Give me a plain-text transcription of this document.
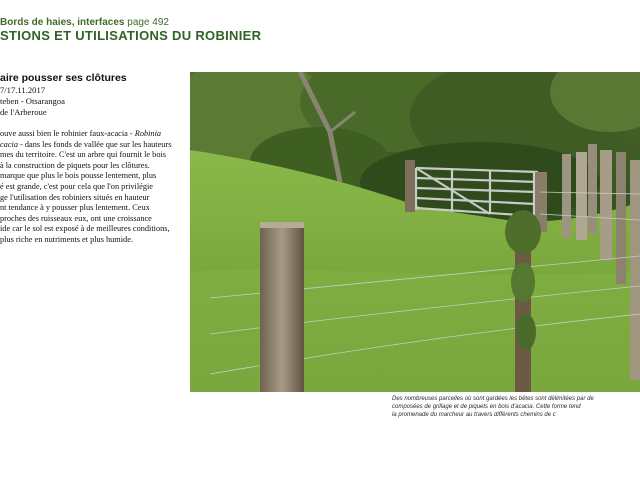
Bords de haies, interfaces page 492
STIONS ET UTILISATIONS DU ROBINIER

aire pousser ses clôtures

7/17.11.2017
teben - Otsarangoa
de l'Arberoue
ouve aussi bien le robinier faux-acacia - Robinia
cacia - dans les fonds de vallée que sur les hauteurs
mes du territoire. C'est un arbre qui fournit le bois
à la construction de piquets pour les clôtures.
marque que plus le bois pousse lentement, plus
é est grande, c'est pour cela que l'on privilégie
ge l'utilisation des robiniers situés en hauteur
nt tendance à y pousser plus lentement. Ceux
proches des ruisseaux eux, ont une croissance
ide car le sol est exposé à de meilleures conditions,
plus riche en nutriments et plus humide.
Des nombreuses parcelles où sont gardées les bêtes sont délimitées par de
composées de grillage et de piquets en bois d'acacia. Cette forme tend
la promenade du marcheur au travers différents chemins de c
